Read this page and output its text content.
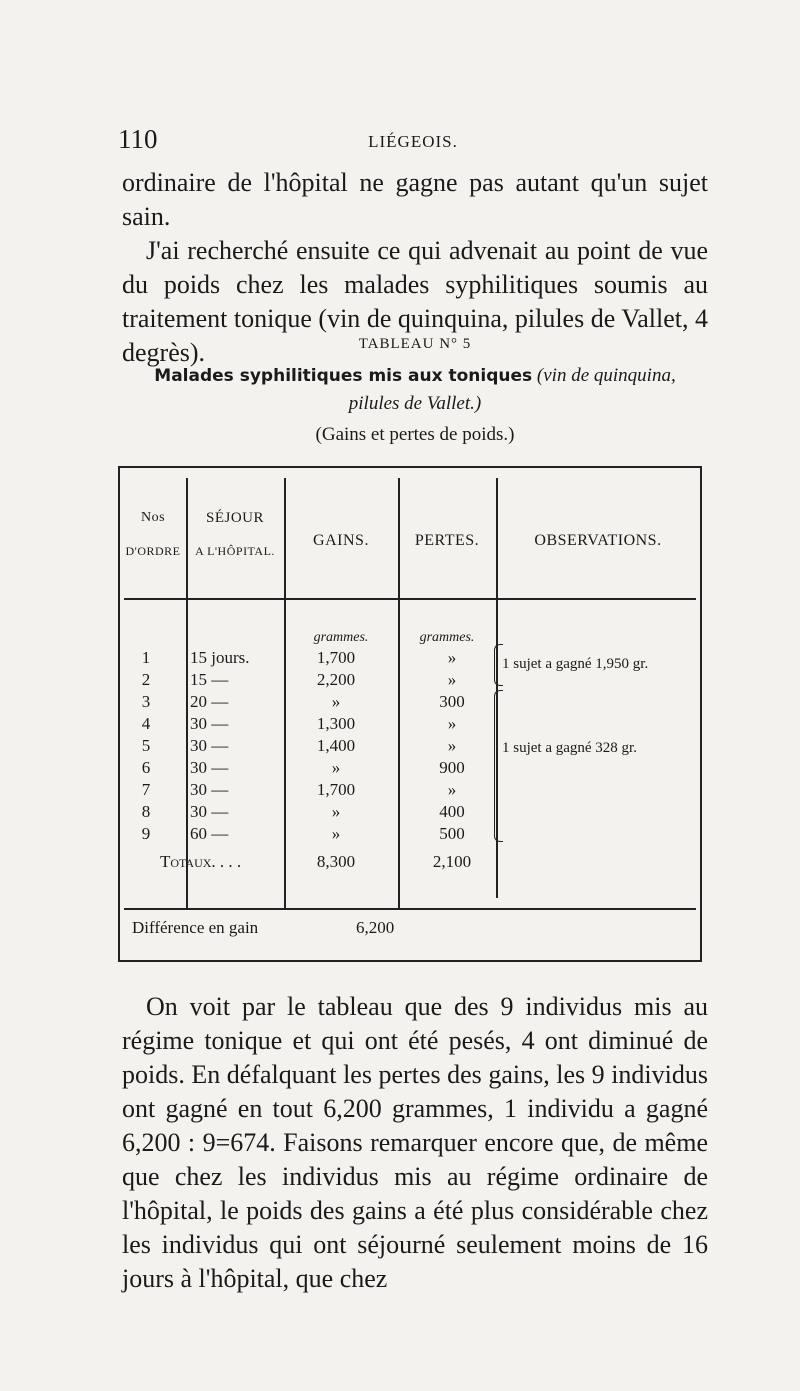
110	LIÉGEOIS.

ordinaire de l'hôpital ne gagne pas autant qu'un sujet sain.

J'ai recherché ensuite ce qui advenait au point de vue du poids chez les malades syphilitiques soumis au traitement tonique (vin de quinquina, pilules de Vallet, 4 degrès).	TABLEAU N° 5
Malades syphilitiques mis aux toniques (vin de quinquina,
pilules de Vallet.)
(Gains et pertes de poids.)
Nos
D'ORDRE
SÉJOUR
A L'HÔPITAL.
GAINS.	PERTES.	OBSERVATIONS.
grammes.	grammes.
1	15 jours.	1,700	»
2	15 —	2,200	»
3	20 —	»	300
4	30 —	1,300	»
5	30 —	1,400	»
6	30 —	»	900
7	30 —	1,700	»
8	30 —	»	400
9	60 —	»	500
1 sujet a gagné 1,950 gr.
1 sujet a gagné 328 gr.
Totaux. . . .	8,300	2,100
Différence en gain	6,200
On voit par le tableau que des 9 individus mis au régime tonique et qui ont été pesés, 4 ont diminué de poids. En défalquant les pertes des gains, les 9 individus ont gagné en tout 6,200 grammes, 1 individu a gagné 6,200 : 9=674. Faisons remarquer encore que, de même que chez les individus mis au régime ordinaire de l'hôpital, le poids des gains a été plus considérable chez les individus qui ont séjourné seulement moins de 16 jours à l'hôpital, que chez
